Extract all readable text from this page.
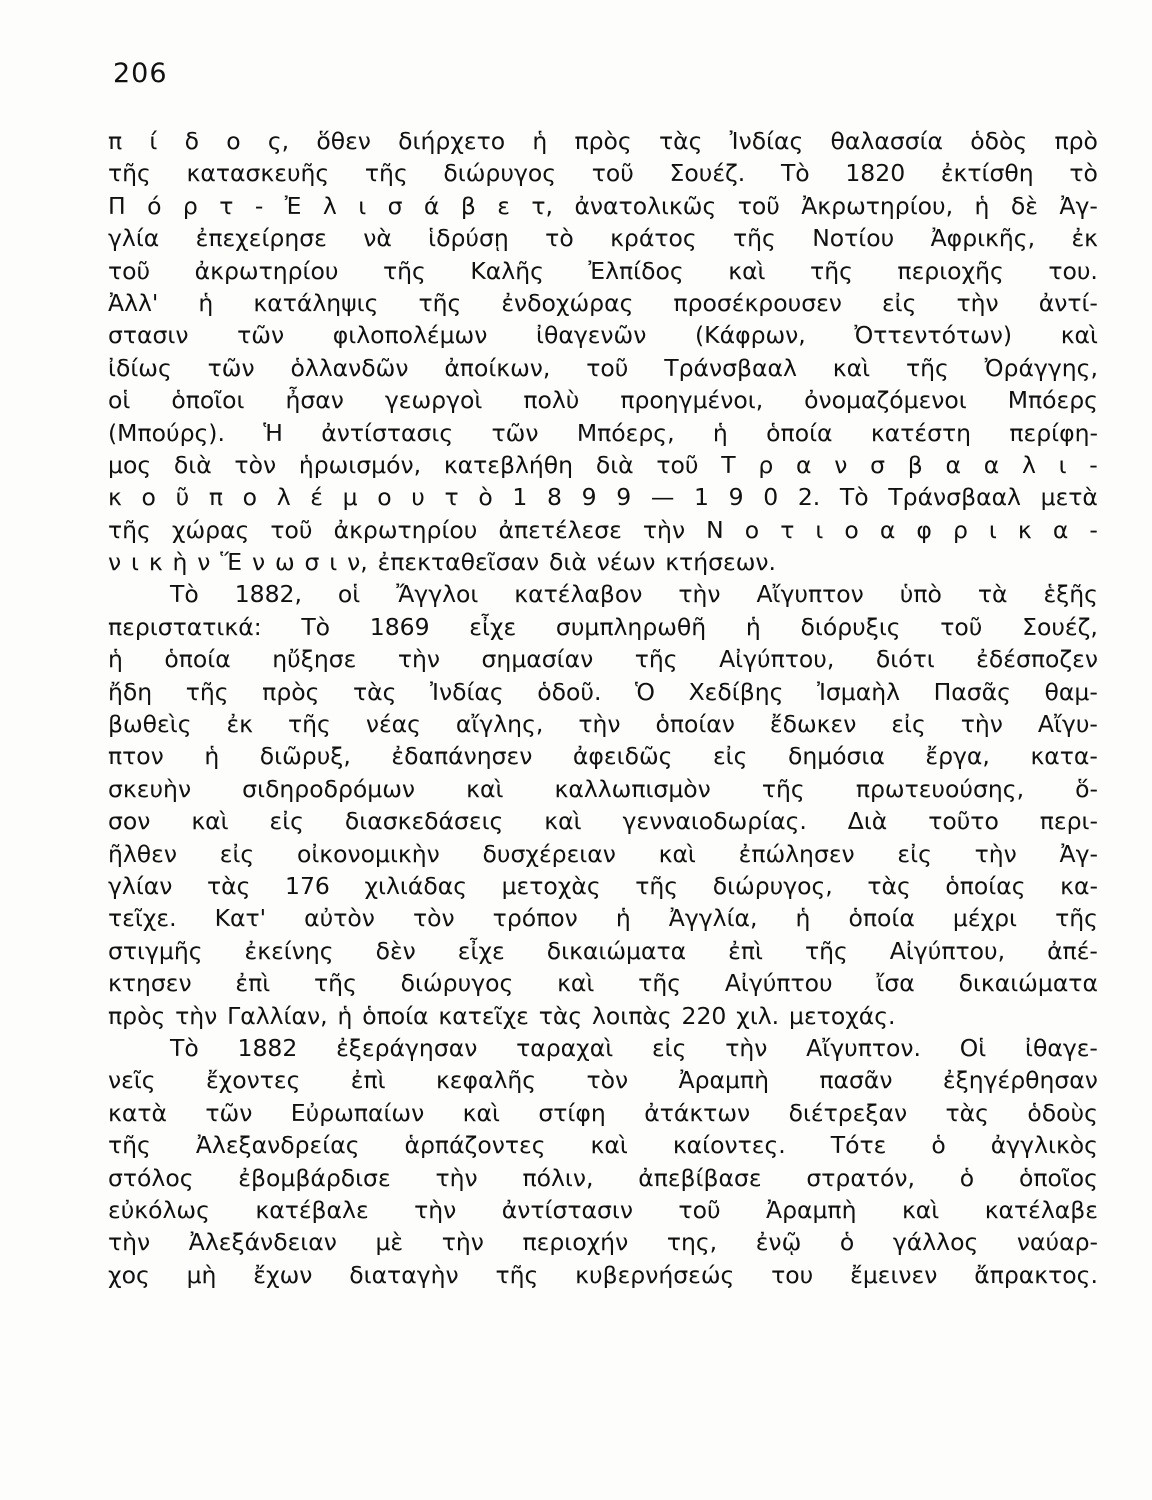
206
π ί δ ο ς, ὅθεν διήρχετο ἡ πρὸς τὰς Ἰνδίας θαλασσία ὁδὸς πρὸ
τῆς κατασκευῆς τῆς διώρυγος τοῦ Σουέζ. Τὸ 1820 ἐκτίσθη τὸ
Π ό ρ τ - Ἐ λ ι σ ά β ε τ, ἀνατολικῶς τοῦ Ἀκρωτηρίου, ἡ δὲ Ἀγ-
γλία ἐπεχείρησε νὰ ἱδρύσῃ τὸ κράτος τῆς Νοτίου Ἀφρικῆς, ἐκ
τοῦ ἀκρωτηρίου τῆς Καλῆς Ἐλπίδος καὶ τῆς περιοχῆς του.
Ἀλλ' ἡ κατάληψις τῆς ἐνδοχώρας προσέκρουσεν εἰς τὴν ἀντί-
στασιν τῶν φιλοπολέμων ἰθαγενῶν (Κάφρων, Ὀττεντότων) καὶ
ἰδίως τῶν ὁλλανδῶν ἀποίκων, τοῦ Τράνσβααλ καὶ τῆς Ὀράγγης,
οἱ ὁποῖοι ἦσαν γεωργοὶ πολὺ προηγμένοι, ὀνομαζόμενοι Μπόερς
(Μπούρς). Ἡ ἀντίστασις τῶν Μπόερς, ἡ ὁποία κατέστη περίφη-
μος διὰ τὸν ἡρωισμόν, κατεβλήθη διὰ τοῦ Τ ρ α ν σ β α α λ ι -
κ ο ῦ π ο λ έ μ ο υ τ ὸ 1 8 9 9 — 1 9 0 2. Τὸ Τράνσβααλ μετὰ
τῆς χώρας τοῦ ἀκρωτηρίου ἀπετέλεσε τὴν Ν ο τ ι ο α φ ρ ι κ α -
ν ι κ ὴ ν Ἕ ν ω σ ι ν, ἐπεκταθεῖσαν διὰ νέων κτήσεων.
Τὸ 1882, οἱ Ἄγγλοι κατέλαβον τὴν Αἴγυπτον ὑπὸ τὰ ἑξῆς
περιστατικά: Τὸ 1869 εἶχε συμπληρωθῆ ἡ διόρυξις τοῦ Σουέζ,
ἡ ὁποία ηὔξησε τὴν σημασίαν τῆς Αἰγύπτου, διότι ἐδέσποζεν
ἤδη τῆς πρὸς τὰς Ἰνδίας ὁδοῦ. Ὁ Χεδίβης Ἰσμαὴλ Πασᾶς θαμ-
βωθεὶς ἐκ τῆς νέας αἴγλης, τὴν ὁποίαν ἔδωκεν εἰς τὴν Αἴγυ-
πτον ἡ διῶρυξ, ἐδαπάνησεν ἀφειδῶς εἰς δημόσια ἔργα, κατα-
σκευὴν σιδηροδρόμων καὶ καλλωπισμὸν τῆς πρωτευούσης, ὅ-
σον καὶ εἰς διασκεδάσεις καὶ γενναιοδωρίας. Διὰ τοῦτο περι-
ῆλθεν εἰς οἰκονομικὴν δυσχέρειαν καὶ ἐπώλησεν εἰς τὴν Ἀγ-
γλίαν τὰς 176 χιλιάδας μετοχὰς τῆς διώρυγος, τὰς ὁποίας κα-
τεῖχε. Κατ' αὐτὸν τὸν τρόπον ἡ Ἀγγλία, ἡ ὁποία μέχρι τῆς
στιγμῆς ἐκείνης δὲν εἶχε δικαιώματα ἐπὶ τῆς Αἰγύπτου, ἀπέ-
κτησεν ἐπὶ τῆς διώρυγος καὶ τῆς Αἰγύπτου ἴσα δικαιώματα
πρὸς τὴν Γαλλίαν, ἡ ὁποία κατεῖχε τὰς λοιπὰς 220 χιλ. μετοχάς.
Τὸ 1882 ἐξεράγησαν ταραχαὶ εἰς τὴν Αἴγυπτον. Οἱ ἰθαγε-
νεῖς ἔχοντες ἐπὶ κεφαλῆς τὸν Ἀραμπὴ πασᾶν ἐξηγέρθησαν
κατὰ τῶν Εὐρωπαίων καὶ στίφη ἀτάκτων διέτρεξαν τὰς ὁδοὺς
τῆς Ἀλεξανδρείας ἁρπάζοντες καὶ καίοντες. Τότε ὁ ἀγγλικὸς
στόλος ἐβομβάρδισε τὴν πόλιν, ἀπεβίβασε στρατόν, ὁ ὁποῖος
εὐκόλως κατέβαλε τὴν ἀντίστασιν τοῦ Ἀραμπὴ καὶ κατέλαβε
τὴν Ἀλεξάνδειαν μὲ τὴν περιοχήν της, ἐνῷ ὁ γάλλος ναύαρ-
χος μὴ ἔχων διαταγὴν τῆς κυβερνήσεώς του ἔμεινεν ἄπρακτος.
